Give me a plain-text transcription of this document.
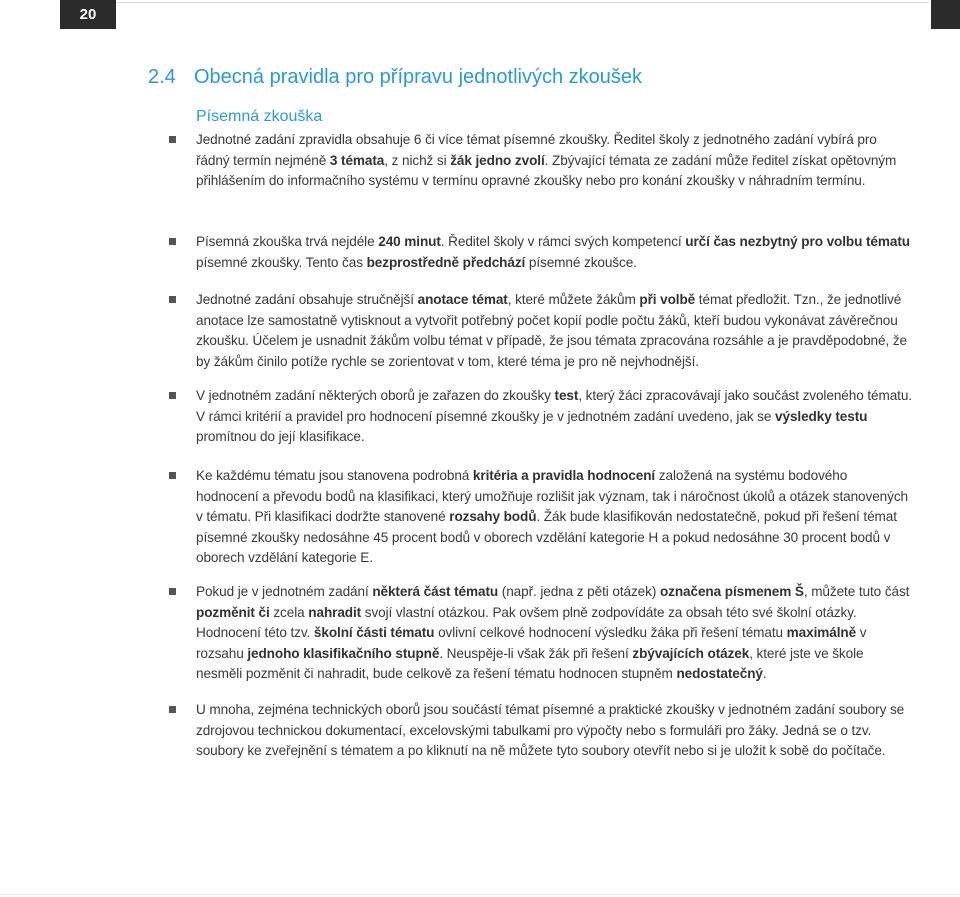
20
2.4 Obecná pravidla pro přípravu jednotlivých zkoušek
Písemná zkouška
Jednotné zadání zpravidla obsahuje 6 či více témat písemné zkoušky. Ředitel školy z jednotného zadání vybírá pro řádný termín nejméně 3 témata, z nichž si žák jedno zvolí. Zbývající témata ze zadání může ředitel získat opětovným přihlášením do informačního systému v termínu opravné zkoušky nebo pro konání zkoušky v náhradním termínu.
Písemná zkouška trvá nejdéle 240 minut. Ředitel školy v rámci svých kompetencí určí čas nezbytný pro volbu tématu písemné zkoušky. Tento čas bezprostředně předchází písemné zkoušce.
Jednotné zadání obsahuje stručnější anotace témat, které můžete žákům při volbě témat předložit. Tzn., že jednotlivé anotace lze samostatně vytisknout a vytvořit potřebný počet kopií podle počtu žáků, kteří budou vykonávat závěrečnou zkoušku. Účelem je usnadnit žákům volbu témat v případě, že jsou témata zpracována rozsáhle a je pravděpodobné, že by žákům činilo potíže rychle se zorientovat v tom, které téma je pro ně nejvhodnější.
V jednotném zadání některých oborů je zařazen do zkoušky test, který žáci zpracovávají jako součást zvoleného tématu. V rámci kritérií a pravidel pro hodnocení písemné zkoušky je v jednotném zadání uvedeno, jak se výsledky testu promítnou do její klasifikace.
Ke každému tématu jsou stanovena podrobná kritéria a pravidla hodnocení založená na systému bodového hodnocení a převodu bodů na klasifikaci, který umožňuje rozlišit jak význam, tak i náročnost úkolů a otázek stanovených v tématu. Při klasifikaci dodržte stanovené rozsahy bodů. Žák bude klasifikován nedostatečně, pokud při řešení témat písemné zkoušky nedosáhne 45 procent bodů v oborech vzdělání kategorie H a pokud nedosáhne 30 procent bodů v oborech vzdělání kategorie E.
Pokud je v jednotném zadání některá část tématu (např. jedna z pěti otázek) označena písmenem Š, můžete tuto část pozměnit či zcela nahradit svojí vlastní otázkou. Pak ovšem plně zodpovídáte za obsah této své školní otázky. Hodnocení této tzv. školní části tématu ovlivní celkové hodnocení výsledku žáka při řešení tématu maximálně v rozsahu jednoho klasifikačního stupně. Neuspěje-li však žák při řešení zbývajících otázek, které jste ve škole nesměli pozměnit či nahradit, bude celkově za řešení tématu hodnocen stupněm nedostatečný.
U mnoha, zejména technických oborů jsou součástí témat písemné a praktické zkoušky v jednotném zadání soubory se zdrojovou technickou dokumentací, excelovskými tabulkami pro výpočty nebo s formuláři pro žáky. Jedná se o tzv. soubory ke zveřejnění s tématem a po kliknutí na ně můžete tyto soubory otevřít nebo si je uložit k sobě do počítače.
